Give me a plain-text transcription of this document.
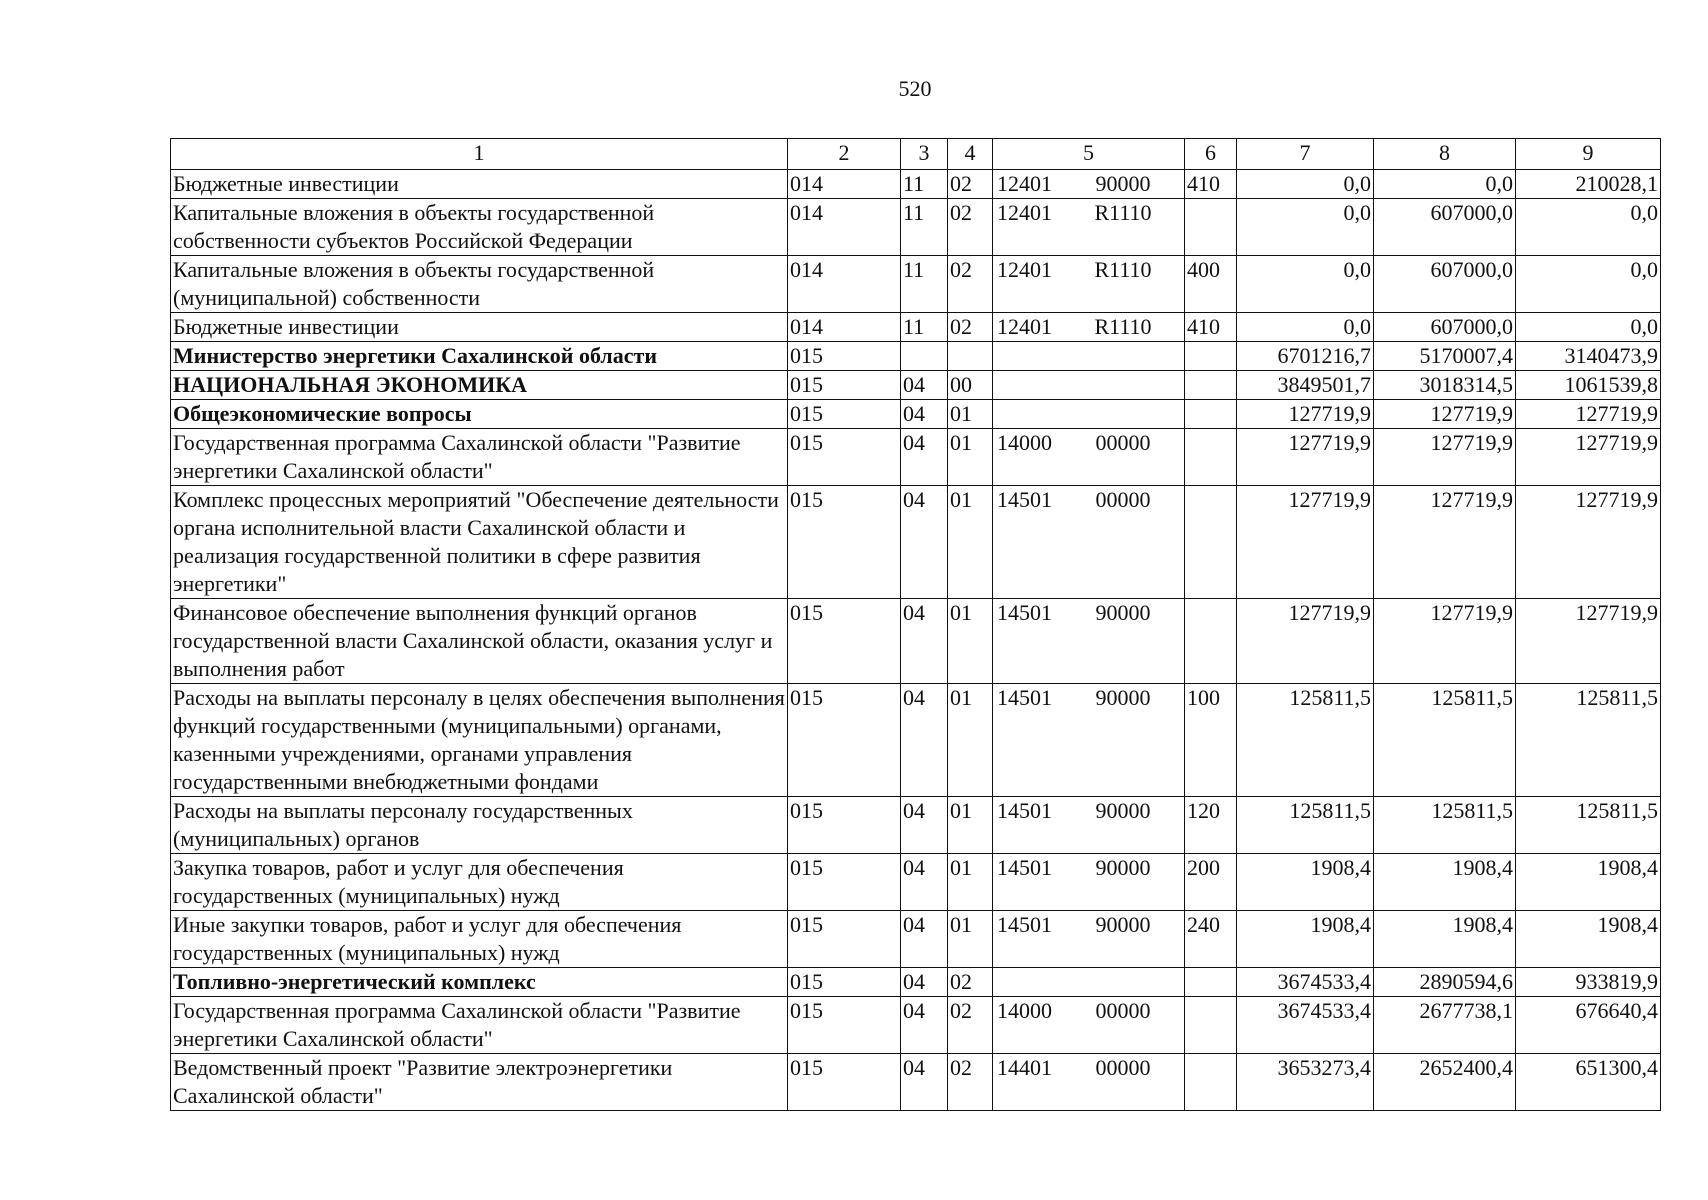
520
1	2	3	4	5	6	7	8	9
Бюджетные инвестиции	014	11	02	12401 90000	410	0,0	0,0	210028,1
Капитальные вложения в объекты государственной собственности субъектов Российской Федерации	014	11	02	12401 R1110		0,0	607000,0	0,0
Капитальные вложения в объекты государственной (муниципальной) собственности	014	11	02	12401 R1110	400	0,0	607000,0	0,0
Бюджетные инвестиции	014	11	02	12401 R1110	410	0,0	607000,0	0,0
Министерство энергетики Сахалинской области	015					6701216,7	5170007,4	3140473,9
НАЦИОНАЛЬНАЯ ЭКОНОМИКА	015	04	00			3849501,7	3018314,5	1061539,8
Общеэкономические вопросы	015	04	01			127719,9	127719,9	127719,9
Государственная программа Сахалинской области "Развитие энергетики Сахалинской области"	015	04	01	14000 00000		127719,9	127719,9	127719,9
Комплекс процессных мероприятий "Обеспечение деятельности органа исполнительной власти Сахалинской области и реализация государственной политики в сфере развития энергетики"	015	04	01	14501 00000		127719,9	127719,9	127719,9
Финансовое обеспечение выполнения функций органов государственной власти Сахалинской области, оказания услуг и выполнения работ	015	04	01	14501 90000		127719,9	127719,9	127719,9
Расходы на выплаты персоналу в целях обеспечения выполнения функций государственными (муниципальными) органами, казенными учреждениями, органами управления государственными внебюджетными фондами	015	04	01	14501 90000	100	125811,5	125811,5	125811,5
Расходы на выплаты персоналу государственных (муниципальных) органов	015	04	01	14501 90000	120	125811,5	125811,5	125811,5
Закупка товаров, работ и услуг для обеспечения государственных (муниципальных) нужд	015	04	01	14501 90000	200	1908,4	1908,4	1908,4
Иные закупки товаров, работ и услуг для обеспечения государственных (муниципальных) нужд	015	04	01	14501 90000	240	1908,4	1908,4	1908,4
Топливно-энергетический комплекс	015	04	02			3674533,4	2890594,6	933819,9
Государственная программа Сахалинской области "Развитие энергетики Сахалинской области"	015	04	02	14000 00000		3674533,4	2677738,1	676640,4
Ведомственный проект "Развитие электроэнергетики Сахалинской области"	015	04	02	14401 00000		3653273,4	2652400,4	651300,4
